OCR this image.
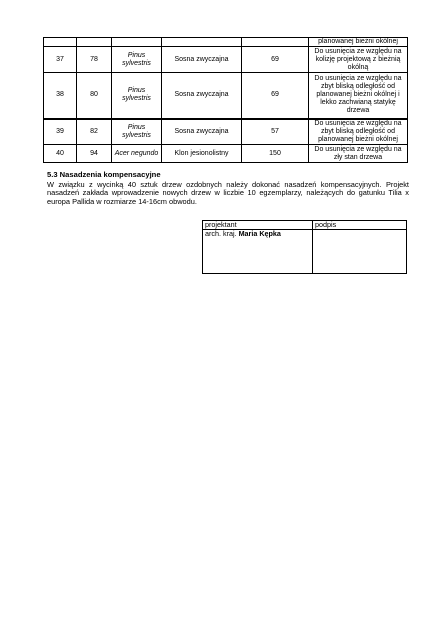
					planowanej bieżni okólnej
37	78	Pinus sylvestris	Sosna zwyczajna	69	Do usunięcia ze względu na kolizję projektową z bieżnią okólną
38	80	Pinus sylvestris	Sosna zwyczajna	69	Do usunięcia ze względu na zbyt bliską odległość od planowanej bieżni okólnej i lekko zachwianą statykę drzewa
39	82	Pinus sylvestris	Sosna zwyczajna	57	Do usunięcia ze względu na zbyt bliską odległość od planowanej bieżni okólnej
40	94	Acer negundo	Klon jesionolistny	150	Do usunięcia ze względu na zły stan drzewa
5.3 Nasadzenia kompensacyjne

W związku z wycinką 40 sztuk drzew ozdobnych należy dokonać nasadzeń kompensacyjnych. Projekt nasadzeń zakłada wprowadzenie nowych drzew w liczbie 10 egzemplarzy, należących do gatunku Tilia x europa Pallida w rozmiarze 14-16cm obwodu.

projektant	podpis
arch. kraj. Maria Kępka	
